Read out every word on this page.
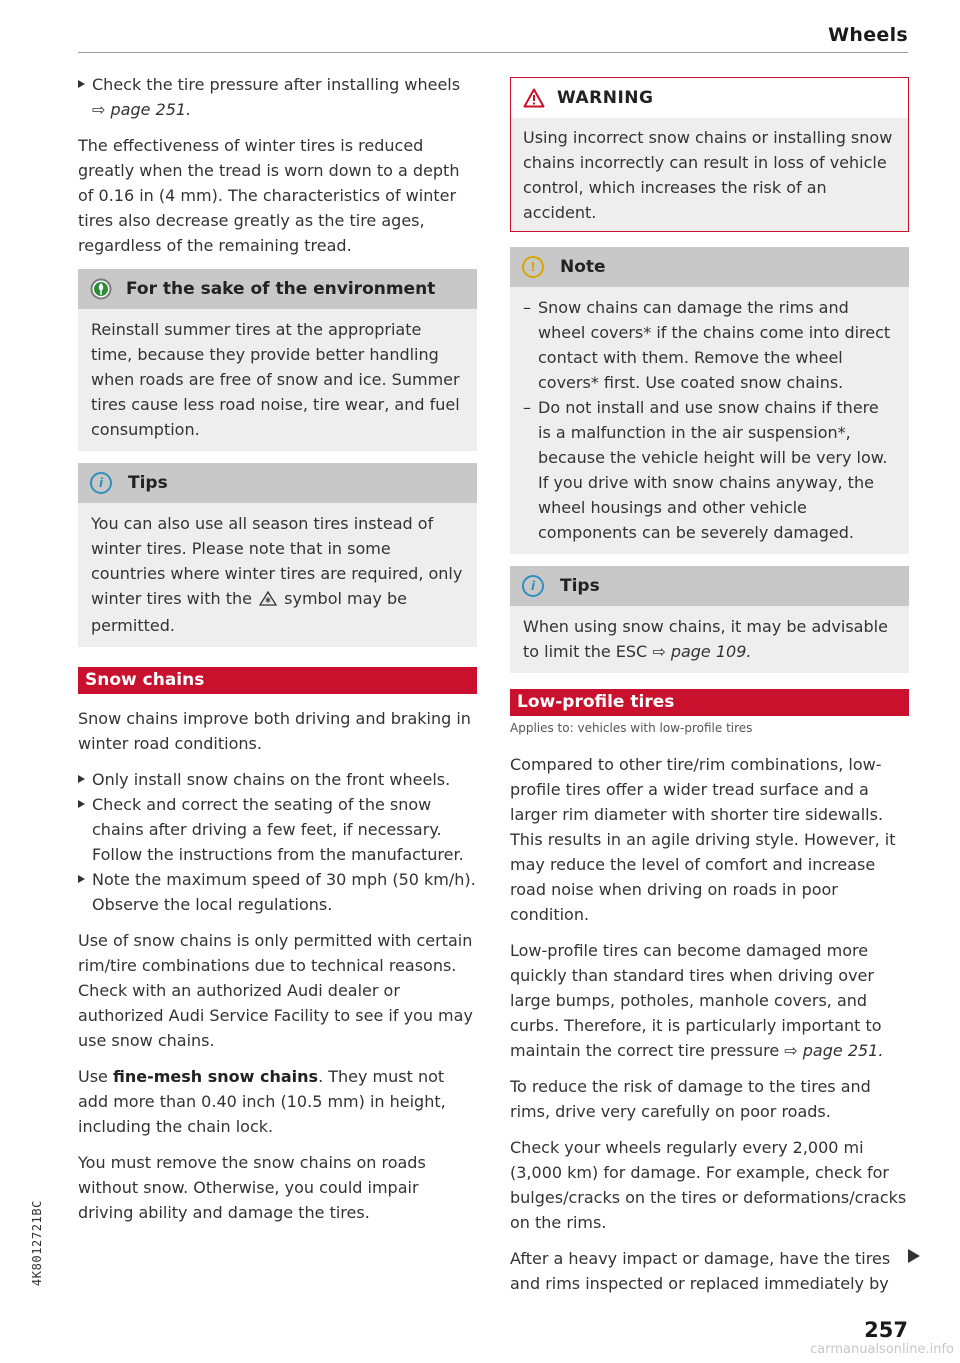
Wheels
4K8012721BC
Check the tire pressure after installing wheels
⇨ page 251.

The effectiveness of winter tires is reduced greatly when the tread is worn down to a depth of 0.16 in (4 mm). The characteristics of winter tires also decrease greatly as the tire ages, regardless of the remaining tread.

For the sake of the environment
Reinstall summer tires at the appropriate time, because they provide better handling when roads are free of snow and ice. Summer tires cause less road noise, tire wear, and fuel consumption.
i	Tips
You can also use all season tires instead of winter tires. Please note that in some countries where winter tires are required, only winter tires with the symbol may be permitted.
Snow chains

Snow chains improve both driving and braking in winter road conditions.

Only install snow chains on the front wheels.
Check and correct the seating of the snow chains after driving a few feet, if necessary. Follow the instructions from the manufacturer.
Note the maximum speed of 30 mph (50 km/h). Observe the local regulations.

Use of snow chains is only permitted with certain rim/tire combinations due to technical reasons. Check with an authorized Audi dealer or authorized Audi Service Facility to see if you may use snow chains.

Use fine-mesh snow chains. They must not add more than 0.40 inch (10.5 mm) in height, including the chain lock.

You must remove the snow chains on roads without snow. Otherwise, you could impair driving ability and damage the tires.

WARNING
Using incorrect snow chains or installing snow chains incorrectly can result in loss of vehicle control, which increases the risk of an accident.
!	Note
– Snow chains can damage the rims and wheel covers* if the chains come into direct contact with them. Remove the wheel covers* first. Use coated snow chains.
– Do not install and use snow chains if there is a malfunction in the air suspension*, because the vehicle height will be very low. If you drive with snow chains anyway, the wheel housings and other vehicle components can be severely damaged.
i	Tips
When using snow chains, it may be advisable to limit the ESC ⇨ page 109.
Low-profile tires
Applies to: vehicles with low-profile tires

Compared to other tire/rim combinations, low-profile tires offer a wider tread surface and a larger rim diameter with shorter tire sidewalls. This results in an agile driving style. However, it may reduce the level of comfort and increase road noise when driving on roads in poor condition.

Low-profile tires can become damaged more quickly than standard tires when driving over large bumps, potholes, manhole covers, and curbs. Therefore, it is particularly important to maintain the correct tire pressure ⇨ page 251.

To reduce the risk of damage to the tires and rims, drive very carefully on poor roads.

Check your wheels regularly every 2,000 mi (3,000 km) for damage. For example, check for bulges/cracks on the tires or deformations/cracks on the rims.

After a heavy impact or damage, have the tires and rims inspected or replaced immediately by

257
carmanualsonline.info
